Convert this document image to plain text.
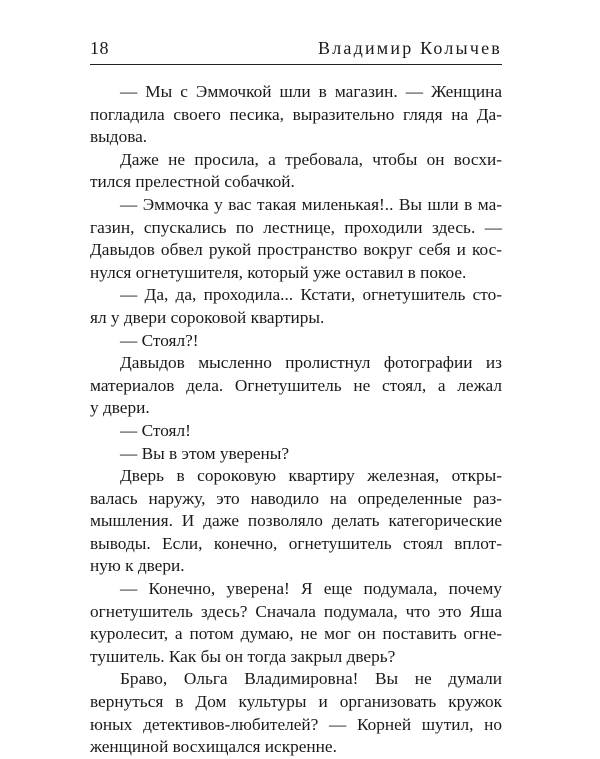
18	Владимир Колычев
— Мы с Эммочкой шли в магазин. — Женщина
погладила своего песика, выразительно глядя на Да-
выдова.
Даже не просила, а требовала, чтобы он восхи-
тился прелестной собачкой.
— Эммочка у вас такая миленькая!.. Вы шли в ма-
газин, спускались по лестнице, проходили здесь. —
Давыдов обвел рукой пространство вокруг себя и кос-
нулся огнетушителя, который уже оставил в покое.
— Да, да, проходила... Кстати, огнетушитель сто-
ял у двери сороковой квартиры.
— Стоял?!
Давыдов мысленно пролистнул фотографии из
материалов дела. Огнетушитель не стоял, а лежал
у двери.
— Стоял!
— Вы в этом уверены?
Дверь в сороковую квартиру железная, откры-
валась наружу, это наводило на определенные раз-
мышления. И даже позволяло делать категорические
выводы. Если, конечно, огнетушитель стоял вплот-
ную к двери.
— Конечно, уверена! Я еще подумала, почему
огнетушитель здесь? Сначала подумала, что это Яша
куролесит, а потом думаю, не мог он поставить огне-
тушитель. Как бы он тогда закрыл дверь?
Браво, Ольга Владимировна! Вы не думали
вернуться в Дом культуры и организовать кружок
юных детективов-любителей? — Корней шутил, но
женщиной восхищался искренне.
